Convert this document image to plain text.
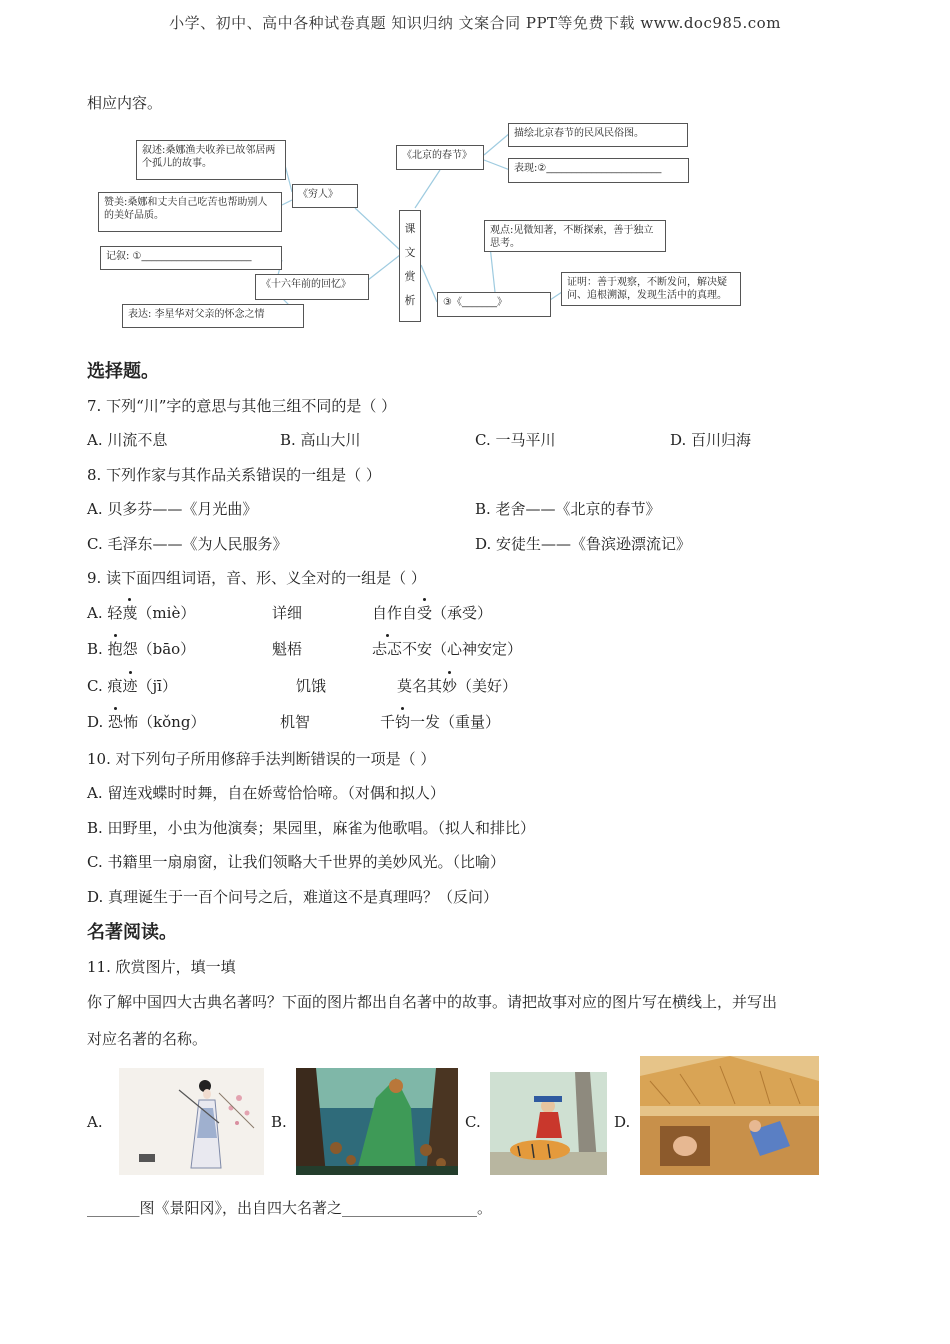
小学、初中、高中各种试卷真题 知识归纳 文案合同 PPT等免费下载 www.doc985.com
相应内容。
课
文
赏
析
《北京的春节》
描绘北京春节的民风民俗图。
表现:②_______________________
叙述:桑娜渔夫收养已故邻居两个孤儿的故事。
《穷人》
赞美:桑娜和丈夫自己吃苦也帮助别人的美好品质。
记叙: ①______________________
《十六年前的回忆》
表达: 李星华对父亲的怀念之情
观点:见微知著，不断探索，善于独立思考。
③《_______》
证明：善于观察，不断发问，解决疑问、追根溯源，发现生活中的真理。
选择题。
7. 下列“川”字的意思与其他三组不同的是（ ）
A. 川流不息	B. 高山大川	C. 一马平川	D. 百川归海
8. 下列作家与其作品关系错误的一组是（ ）
A. 贝多芬——《月光曲》	B. 老舍——《北京的春节》
C. 毛泽东——《为人民服务》	D. 安徒生——《鲁滨逊漂流记》
9. 读下面四组词语，音、形、义全对的一组是（ ）
A. 轻蔑（miè）	详细	自作自受（承受）
B. 抱怨（bāo）	魁梧	忐忑不安（心神安定）
C. 痕迹（jī）	饥饿	莫名其妙（美好）
D. 恐怖（kǒng）	机智	千钧一发（重量）
10. 对下列句子所用修辞手法判断错误的一项是（ ）
A. 留连戏蝶时时舞，自在娇莺恰恰啼。（对偶和拟人）
B. 田野里，小虫为他演奏；果园里，麻雀为他歌唱。（拟人和排比）
C. 书籍里一扇扇窗，让我们领略大千世界的美妙风光。（比喻）
D. 真理诞生于一百个问号之后，难道这不是真理吗？（反问）
名著阅读。
11. 欣赏图片，填一填
你了解中国四大古典名著吗？下面的图片都出自名著中的故事。请把故事对应的图片写在横线上，并写出
对应名著的名称。
A.	B.	C.	D.
_______图《景阳冈》，出自四大名著之__________________。
